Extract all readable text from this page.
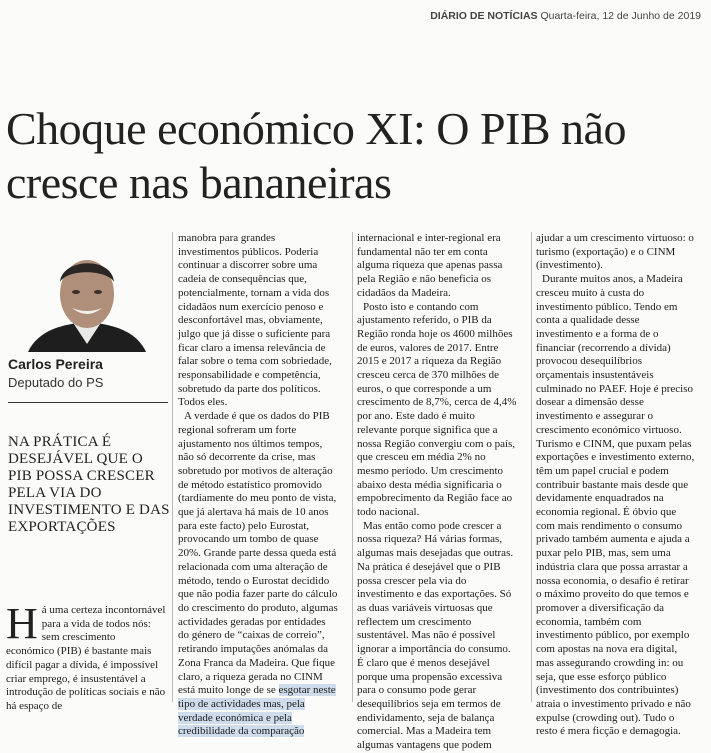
DIÁRIO DE NOTÍCIAS Quarta-feira, 12 de Junho de 2019
Choque económico XI: O PIB não cresce nas bananeiras
Carlos Pereira
Deputado do PS

NA PRÁTICA É DESEJÁVEL QUE O PIB POSSA CRESCER PELA VIA DO INVESTIMENTO E DAS EXPORTAÇÕES

Há uma certeza incontornável para a vida de todos nós: sem crescimento económico (PIB) é bastante mais difícil pagar a dívida, é impossível criar emprego, é insustentável a introdução de políticas sociais e não há espaço de

manobra para grandes investimentos públicos. Poderia continuar a discorrer sobre uma cadeia de consequências que, potencialmente, tornam a vida dos cidadãos num exercício penoso e desconfortável mas, obviamente, julgo que já disse o suficiente para ficar claro a imensa relevância de falar sobre o tema com sobriedade, responsabilidade e competência, sobretudo da parte dos políticos. Todos eles.

A verdade é que os dados do PIB regional sofreram um forte ajustamento nos últimos tempos, não só decorrente da crise, mas sobretudo por motivos de alteração de método estatístico promovido (tardiamente do meu ponto de vista, que já alertava há mais de 10 anos para este facto) pelo Eurostat, provocando um tombo de quase 20%. Grande parte dessa queda está relacionada com uma alteração de método, tendo o Eurostat decidido que não podia fazer parte do cálculo do crescimento do produto, algumas actividades geradas por entidades do género de “caixas de correio”, retirando imputações anómalas da Zona Franca da Madeira. Que fique claro, a riqueza gerada no CINM está muito longe de se esgotar neste tipo de actividades mas, pela verdade económica e pela credibilidade da comparação

internacional e inter-regional era fundamental não ter em conta alguma riqueza que apenas passa pela Região e não beneficia os cidadãos da Madeira.

Posto isto e contando com ajustamento referido, o PIB da Região ronda hoje os 4600 milhões de euros, valores de 2017. Entre 2015 e 2017 a riqueza da Região cresceu cerca de 370 milhões de euros, o que corresponde a um crescimento de 8,7%, cerca de 4,4% por ano. Este dado é muito relevante porque significa que a nossa Região convergiu com o país, que cresceu em média 2% no mesmo período. Um crescimento abaixo desta média significaria o empobrecimento da Região face ao todo nacional.

Mas então como pode crescer a nossa riqueza? Há várias formas, algumas mais desejadas que outras. Na prática é desejável que o PIB possa crescer pela via do investimento e das exportações. Só as duas variáveis virtuosas que reflectem um crescimento sustentável. Mas não é possível ignorar a importância do consumo. É claro que é menos desejável porque uma propensão excessiva para o consumo pode gerar desequilíbrios seja em termos de endividamento, seja de balança comercial. Mas a Madeira tem algumas vantagens que podem

ajudar a um crescimento virtuoso: o turismo (exportação) e o CINM (investimento).

Durante muitos anos, a Madeira cresceu muito à custa do investimento público. Tendo em conta a qualidade desse investimento e a forma de o financiar (recorrendo a dívida) provocou desequilíbrios orçamentais insustentáveis culminado no PAEF. Hoje é preciso dosear a dimensão desse investimento e assegurar o crescimento económico virtuoso. Turismo e CINM, que puxam pelas exportações e investimento externo, têm um papel crucial e podem contribuir bastante mais desde que devidamente enquadrados na economia regional. É óbvio que com mais rendimento o consumo privado também aumenta e ajuda a puxar pelo PIB, mas, sem uma indústria clara que possa arrastar a nossa economia, o desafio é retirar o máximo proveito do que temos e promover a diversificação da economia, também com investimento público, por exemplo com apostas na nova era digital, mas assegurando crowding in: ou seja, que esse esforço público (investimento dos contribuintes) atraia o investimento privado e não expulse (crowding out). Tudo o resto é mera ficção e demagogia.
